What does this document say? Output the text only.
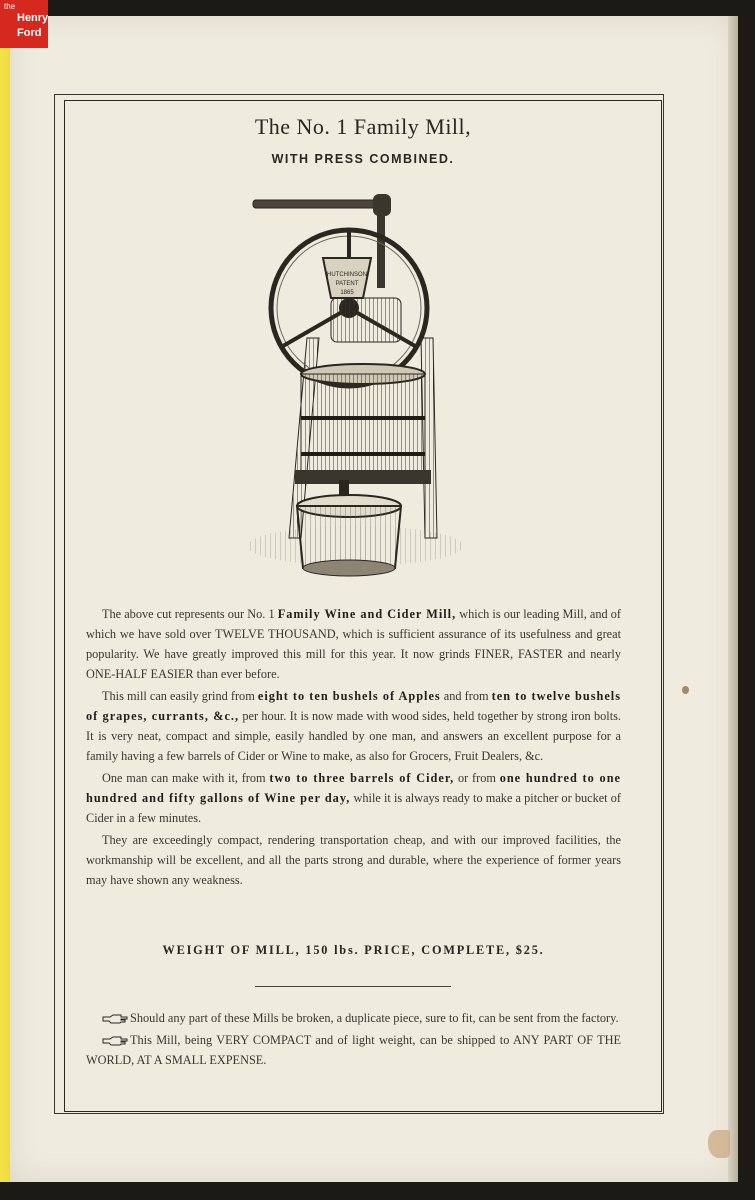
the
Henry
Ford
The No. 1 Family Mill,
WITH PRESS COMBINED.
HUTCHINSON
PATENT
1865

The above cut represents our No. 1 Family Wine and Cider Mill, which is our leading Mill, and of which we have sold over TWELVE THOUSAND, which is sufficient assurance of its usefulness and great popularity. We have greatly improved this mill for this year. It now grinds FINER, FASTER and nearly ONE-HALF EASIER than ever before.

This mill can easily grind from eight to ten bushels of Apples and from ten to twelve bushels of grapes, currants, &c., per hour. It is now made with wood sides, held together by strong iron bolts. It is very neat, compact and simple, easily handled by one man, and answers an excellent purpose for a family having a few barrels of Cider or Wine to make, as also for Grocers, Fruit Dealers, &c.

One man can make with it, from two to three barrels of Cider, or from one hundred to one hundred and fifty gallons of Wine per day, while it is always ready to make a pitcher or bucket of Cider in a few minutes.

They are exceedingly compact, rendering transportation cheap, and with our improved facilities, the workmanship will be excellent, and all the parts strong and durable, where the experience of former years may have shown any weakness.

WEIGHT OF MILL, 150 lbs. PRICE, COMPLETE, $25.

Should any part of these Mills be broken, a duplicate piece, sure to fit, can be sent from the factory.

This Mill, being VERY COMPACT and of light weight, can be shipped to ANY PART OF THE WORLD, AT A SMALL EXPENSE.
